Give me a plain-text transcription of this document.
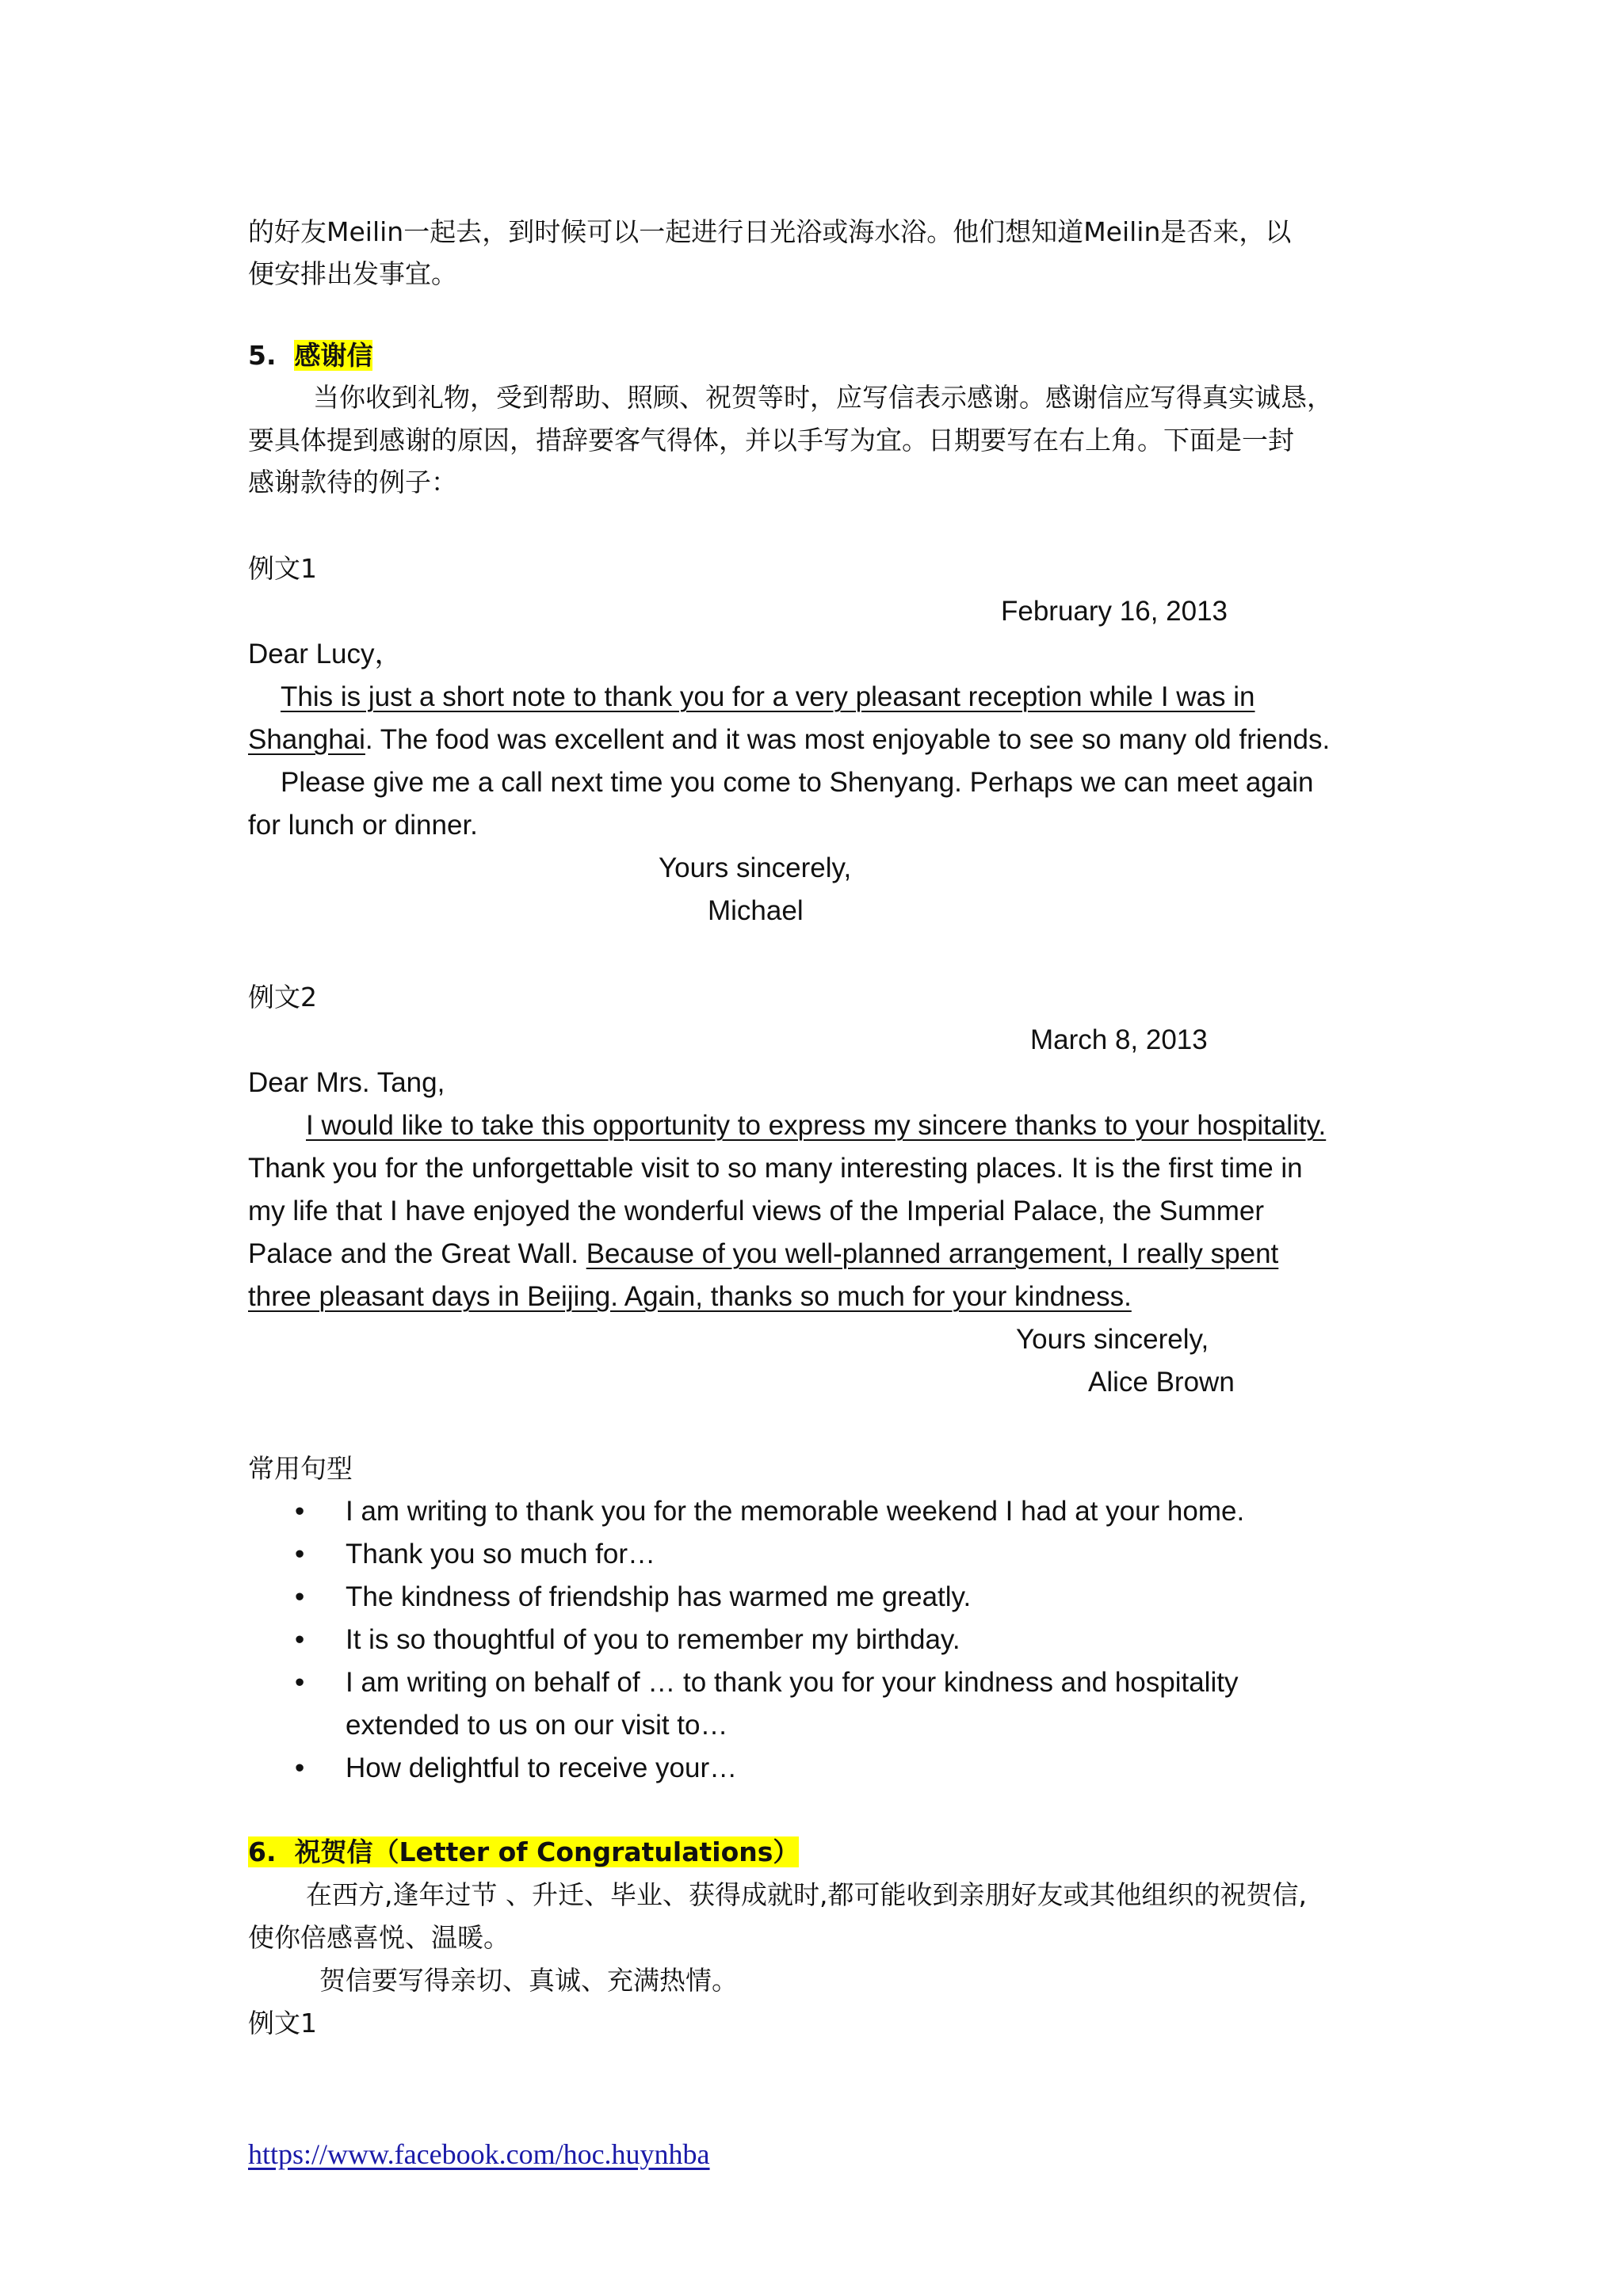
的好友Meilin一起去，到时候可以一起进行日光浴或海水浴。他们想知道Meilin是否来，以

便安排出发事宜。

5. 感谢信

当你收到礼物，受到帮助、照顾、祝贺等时，应写信表示感谢。感谢信应写得真实诚恳，

要具体提到感谢的原因，措辞要客气得体，并以手写为宜。日期要写在右上角。下面是一封

感谢款待的例子：

例文1

February 16, 2013

Dear Lucy，

This is just a short note to thank you for a very pleasant reception while I was in

Shanghai. The food was excellent and it was most enjoyable to see so many old friends.

Please give me a call next time you come to Shenyang. Perhaps we can meet again

for lunch or dinner.

Yours sincerely,

Michael

例文2

March 8, 2013

Dear Mrs. Tang,

I would like to take this opportunity to express my sincere thanks to your hospitality.

Thank you for the unforgettable visit to so many interesting places. It is the first time in

my life that I have enjoyed the wonderful views of the Imperial Palace, the Summer

Palace and the Great Wall. Because of you well-planned arrangement, I really spent

three pleasant days in Beijing. Again, thanks so much for your kindness.

Yours sincerely,

Alice Brown

常用句型

• I am writing to thank you for the memorable weekend I had at your home.

• Thank you so much for…

• The kindness of friendship has warmed me greatly.

• It is so thoughtful of you to remember my birthday.

• I am writing on behalf of … to thank you for your kindness and hospitality

extended to us on our visit to…

• How delightful to receive your…

6. 祝贺信（Letter of Congratulations）

在西方,逢年过节 、升迁、毕业、获得成就时,都可能收到亲朋好友或其他组织的祝贺信,

使你倍感喜悦、温暖。

贺信要写得亲切、真诚、充满热情。

例文1

https://www.facebook.com/hoc.huynhba
